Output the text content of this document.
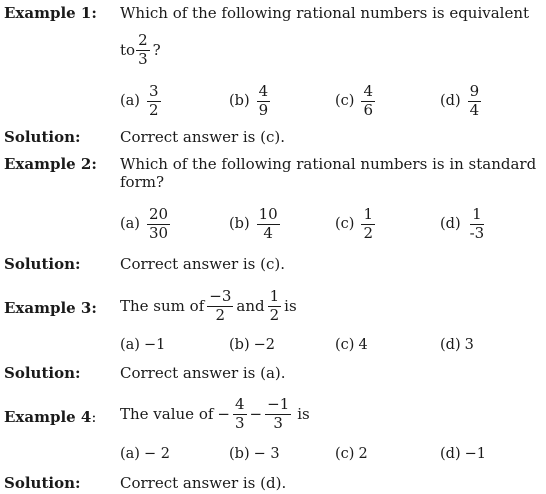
Example 1: Which of the following rational numbers is equivalent
to $\frac{2}{3}$ ?
$(a) \frac{3}{2}$	$(b) \frac{4}{9}$	$(c) \frac{4}{6}$	$(d) \frac{9}{4}$
Solution:	Correct answer is (c).
Example 2: Which of the following rational numbers is in standard
form?
$(a) \frac{20}{30}$	$(b) \frac{10}{4}$	$(c) \frac{1}{2}$	$(d) \frac{1}{-3}$
Solution:	Correct answer is (c).
Example 3: The sum of $\frac{-3}{2}$ and $\frac{1}{2}$ is
(a) −1	(b) −2	(c) 4	(d) 3
Solution:	Correct answer is (a).
Example 4: The value of − $\frac{4}{3} - \frac{-1}{3}$ is
(a) − 2	(b) − 3	(c) 2	(d) −1
Solution:	Correct answer is (d).
